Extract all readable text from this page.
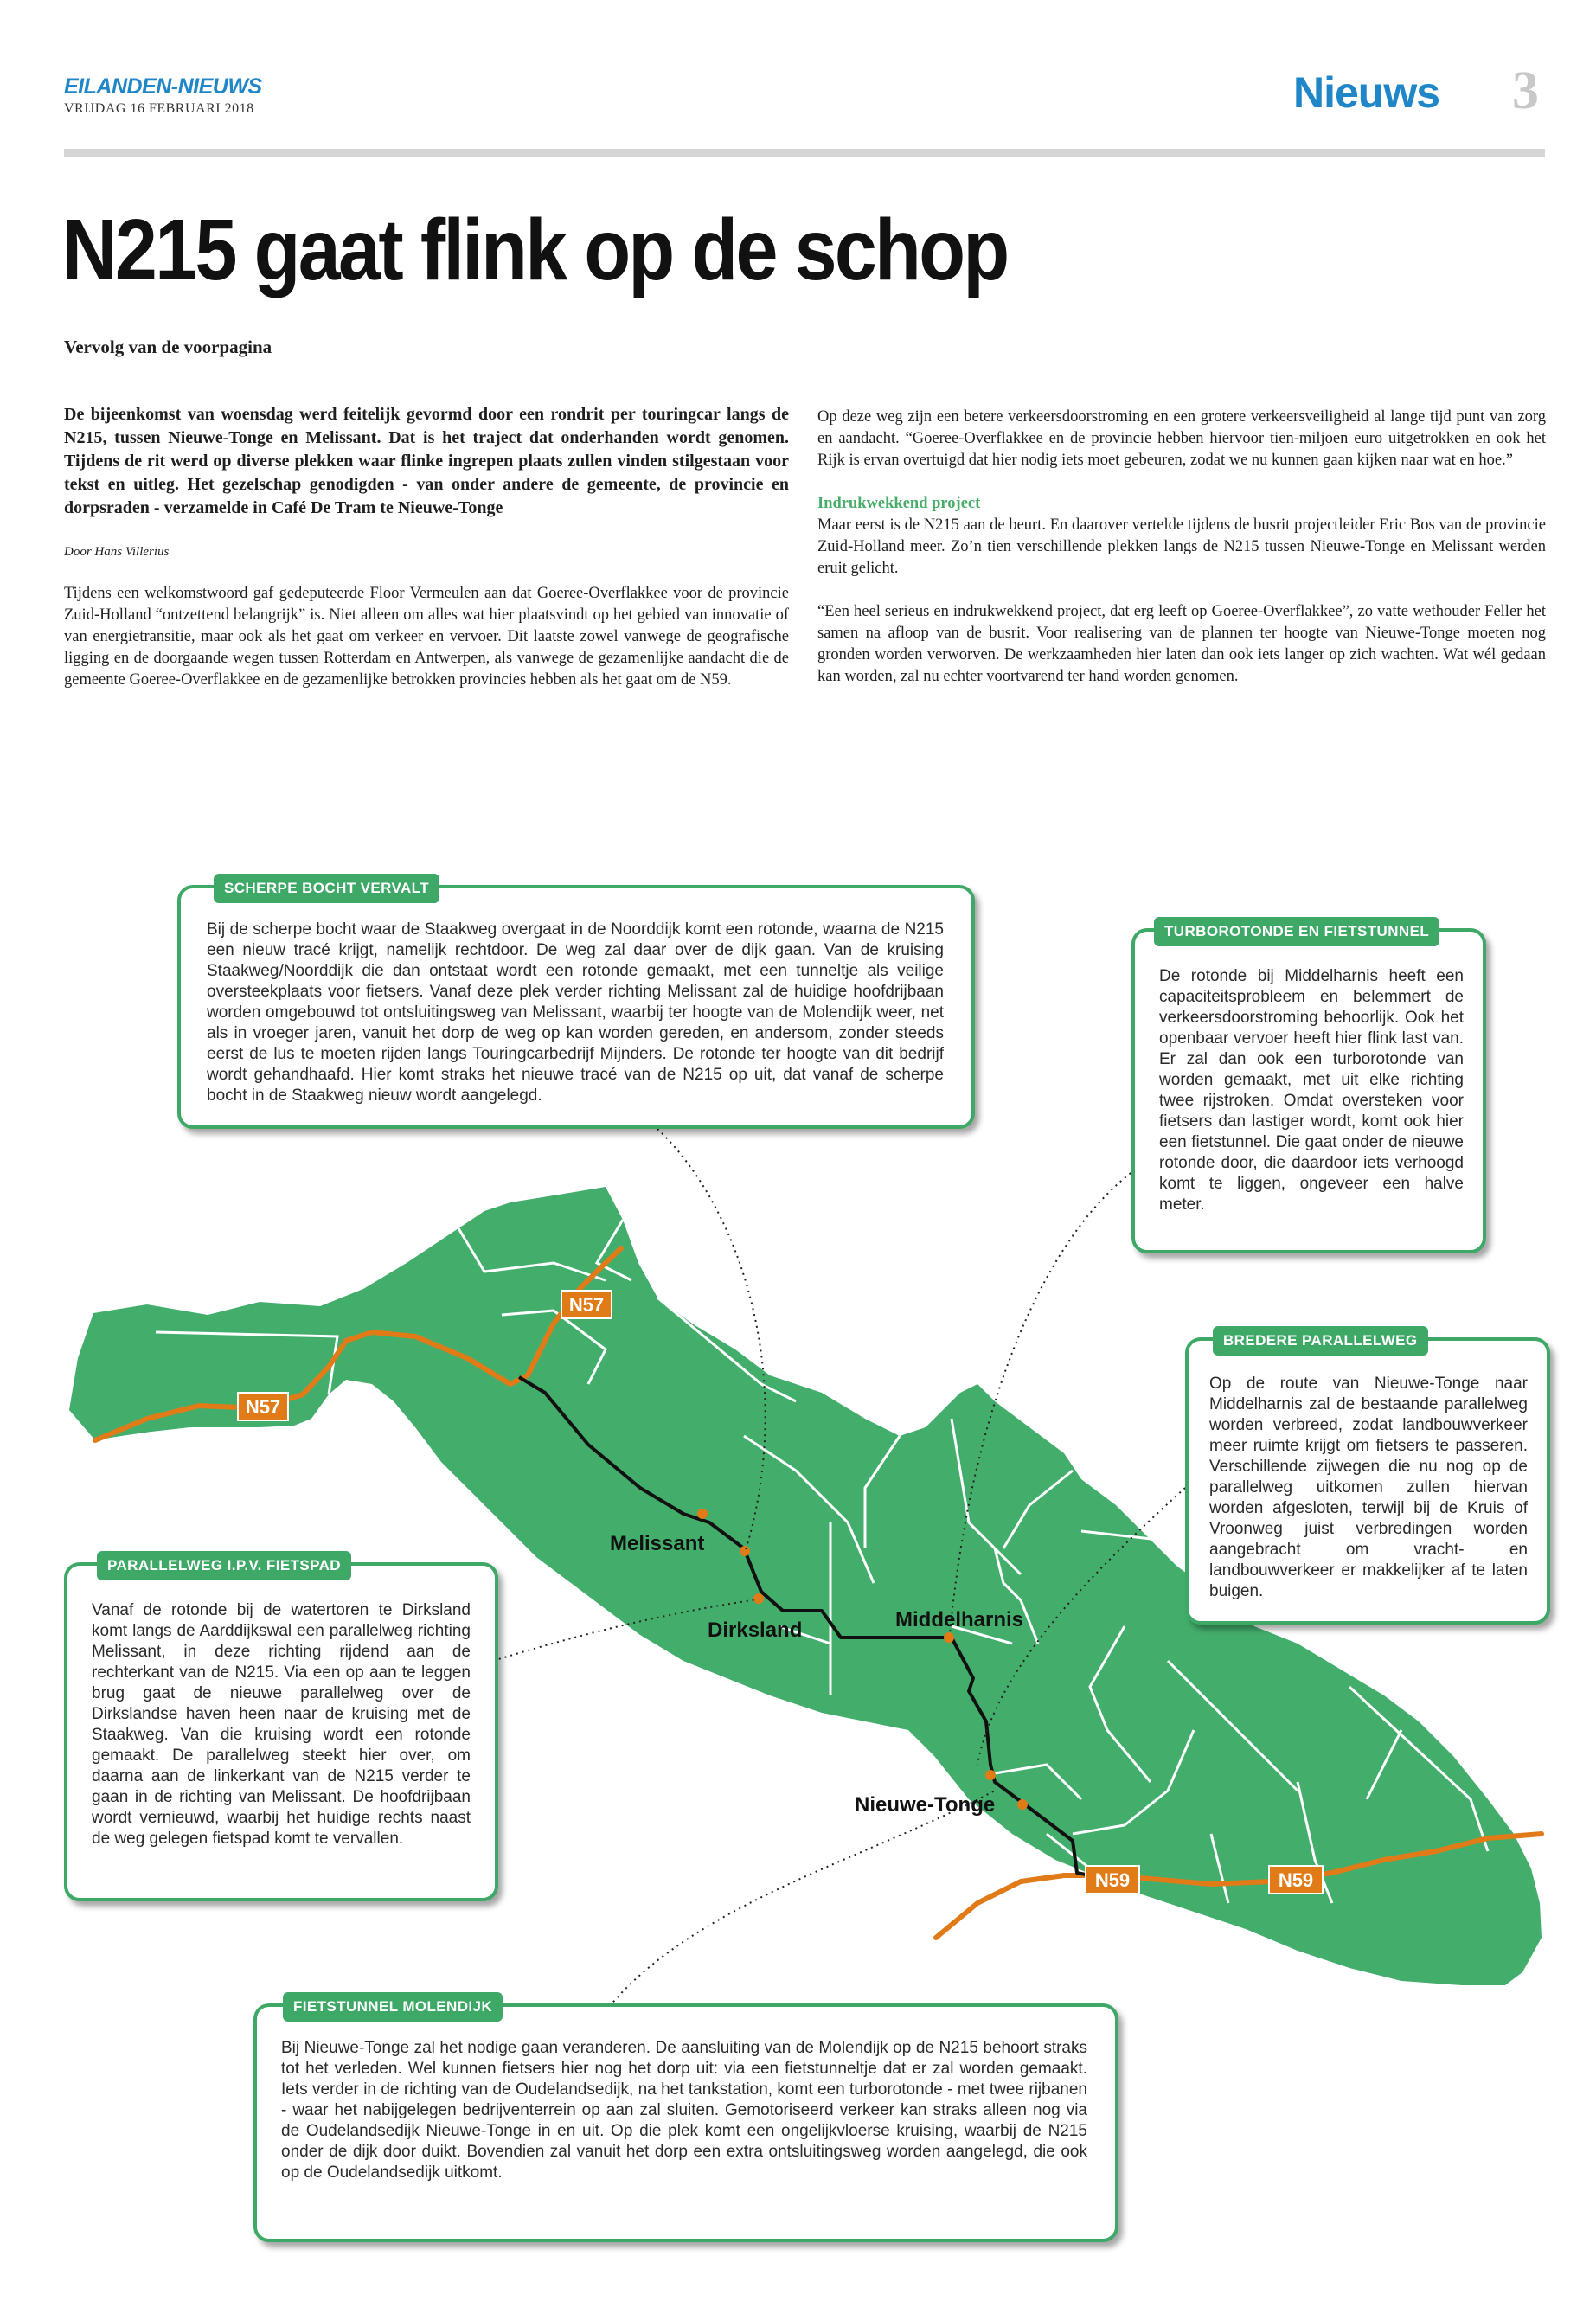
EILANDEN-NIEUWS
VRIJDAG 16 FEBRUARI 2018	Nieuws 3
N215 gaat flink op de schop
Vervolg van de voorpagina
De bijeenkomst van woensdag werd feitelijk gevormd door een rondrit per touringcar langs de N215, tussen Nieuwe-Tonge en Melissant. Dat is het traject dat onderhanden wordt genomen. Tijdens de rit werd op diverse plekken waar flinke ingrepen plaats zullen vinden stilgestaan voor tekst en uitleg. Het gezelschap genodigden - van onder andere de gemeente, de provincie en dorpsraden - verzamelde in Café De Tram te Nieuwe-Tonge
Door Hans Villerius

Tijdens een welkomstwoord gaf gedeputeerde Floor Vermeulen aan dat Goeree-Overflakkee voor de provincie Zuid-Holland “ontzettend belangrijk” is. Niet alleen om alles wat hier plaatsvindt op het gebied van innovatie of van energietransitie, maar ook als het gaat om verkeer en vervoer. Dit laatste zowel vanwege de geografische ligging en de doorgaande wegen tussen Rotterdam en Antwerpen, als vanwege de gezamenlijke aandacht die de gemeente Goeree-Overflakkee en de gezamenlijke betrokken provincies hebben als het gaat om de N59.

Op deze weg zijn een betere verkeersdoorstroming en een grotere verkeersveiligheid al lange tijd punt van zorg en aandacht. “Goeree-Overflakkee en de provincie hebben hiervoor tien-miljoen euro uitgetrokken en ook het Rijk is ervan overtuigd dat hier nodig iets moet gebeuren, zodat we nu kunnen gaan kijken naar wat en hoe.”

Indrukwekkend project

Maar eerst is de N215 aan de beurt. En daarover vertelde tijdens de busrit projectleider Eric Bos van de provincie Zuid-Holland meer. Zo’n tien verschillende plekken langs de N215 tussen Nieuwe-Tonge en Melissant werden eruit gelicht.

“Een heel serieus en indrukwekkend project, dat erg leeft op Goeree-Overflakkee”, zo vatte wethouder Feller het samen na afloop van de busrit. Voor realisering van de plannen ter hoogte van Nieuwe-Tonge moeten nog gronden worden verworven. De werkzaamheden hier laten dan ook iets langer op zich wachten. Wat wél gedaan kan worden, zal nu echter voortvarend ter hand worden genomen.

N57
N57
N59	N59
Melissant
Dirksland	Middelharnis
Nieuwe-Tonge
SCHERPE BOCHT VERVALT
Bij de scherpe bocht waar de Staakweg overgaat in de Noorddijk komt een rotonde, waarna de N215 een nieuw tracé krijgt, namelijk rechtdoor. De weg zal daar over de dijk gaan. Van de kruising Staakweg/Noorddijk die dan ontstaat wordt een rotonde gemaakt, met een tunneltje als veilige oversteekplaats voor fietsers. Vanaf deze plek verder richting Melissant zal de huidige hoofdrijbaan worden omgebouwd tot ontsluitingsweg van Melissant, waarbij ter hoogte van de Molendijk weer, net als in vroeger jaren, vanuit het dorp de weg op kan worden gereden, en andersom, zonder steeds eerst de lus te moeten rijden langs Touringcarbedrijf Mijnders. De rotonde ter hoogte van dit bedrijf wordt gehandhaafd. Hier komt straks het nieuwe tracé van de N215 op uit, dat vanaf de scherpe bocht in de Staakweg nieuw wordt aangelegd.
TURBOROTONDE EN FIETSTUNNEL
De rotonde bij Middelharnis heeft een capaciteitsprobleem en belemmert de verkeersdoorstroming behoorlijk. Ook het openbaar vervoer heeft hier flink last van. Er zal dan ook een turborotonde van worden gemaakt, met uit elke richting twee rijstroken. Omdat oversteken voor fietsers dan lastiger wordt, komt ook hier een fietstunnel. Die gaat onder de nieuwe rotonde door, die daardoor iets verhoogd komt te liggen, ongeveer een halve meter.
BREDERE PARALLELWEG
Op de route van Nieuwe-Tonge naar Middelharnis zal de bestaande parallelweg worden verbreed, zodat landbouwverkeer meer ruimte krijgt om fietsers te passeren. Verschillende zijwegen die nu nog op de parallelweg uitkomen zullen hiervan worden afgesloten, terwijl bij de Kruis of Vroonweg juist verbredingen worden aangebracht om vracht- en landbouwverkeer er makkelijker af te laten buigen.
PARALLELWEG I.P.V. FIETSPAD
Vanaf de rotonde bij de watertoren te Dirksland komt langs de Aarddijkswal een parallelweg richting Melissant, in deze richting rijdend aan de rechterkant van de N215. Via een op aan te leggen brug gaat de nieuwe parallelweg over de Dirkslandse haven heen naar de kruising met de Staakweg. Van die kruising wordt een rotonde gemaakt. De parallelweg steekt hier over, om daarna aan de linkerkant van de N215 verder te gaan in de richting van Melissant. De hoofdrijbaan wordt vernieuwd, waarbij het huidige rechts naast de weg gelegen fietspad komt te vervallen.
FIETSTUNNEL MOLENDIJK
Bij Nieuwe-Tonge zal het nodige gaan veranderen. De aansluiting van de Molendijk op de N215 behoort straks tot het verleden. Wel kunnen fietsers hier nog het dorp uit: via een fietstunneltje dat er zal worden gemaakt. Iets verder in de richting van de Oudelandsedijk, na het tankstation, komt een turborotonde - met twee rijbanen - waar het nabijgelegen bedrijventerrein op aan zal sluiten. Gemotoriseerd verkeer kan straks alleen nog via de Oudelandsedijk Nieuwe-Tonge in en uit. Op die plek komt een ongelijkvloerse kruising, waarbij de N215 onder de dijk door duikt. Bovendien zal vanuit het dorp een extra ontsluitingsweg worden aangelegd, die ook op de Oudelandsedijk uitkomt.
